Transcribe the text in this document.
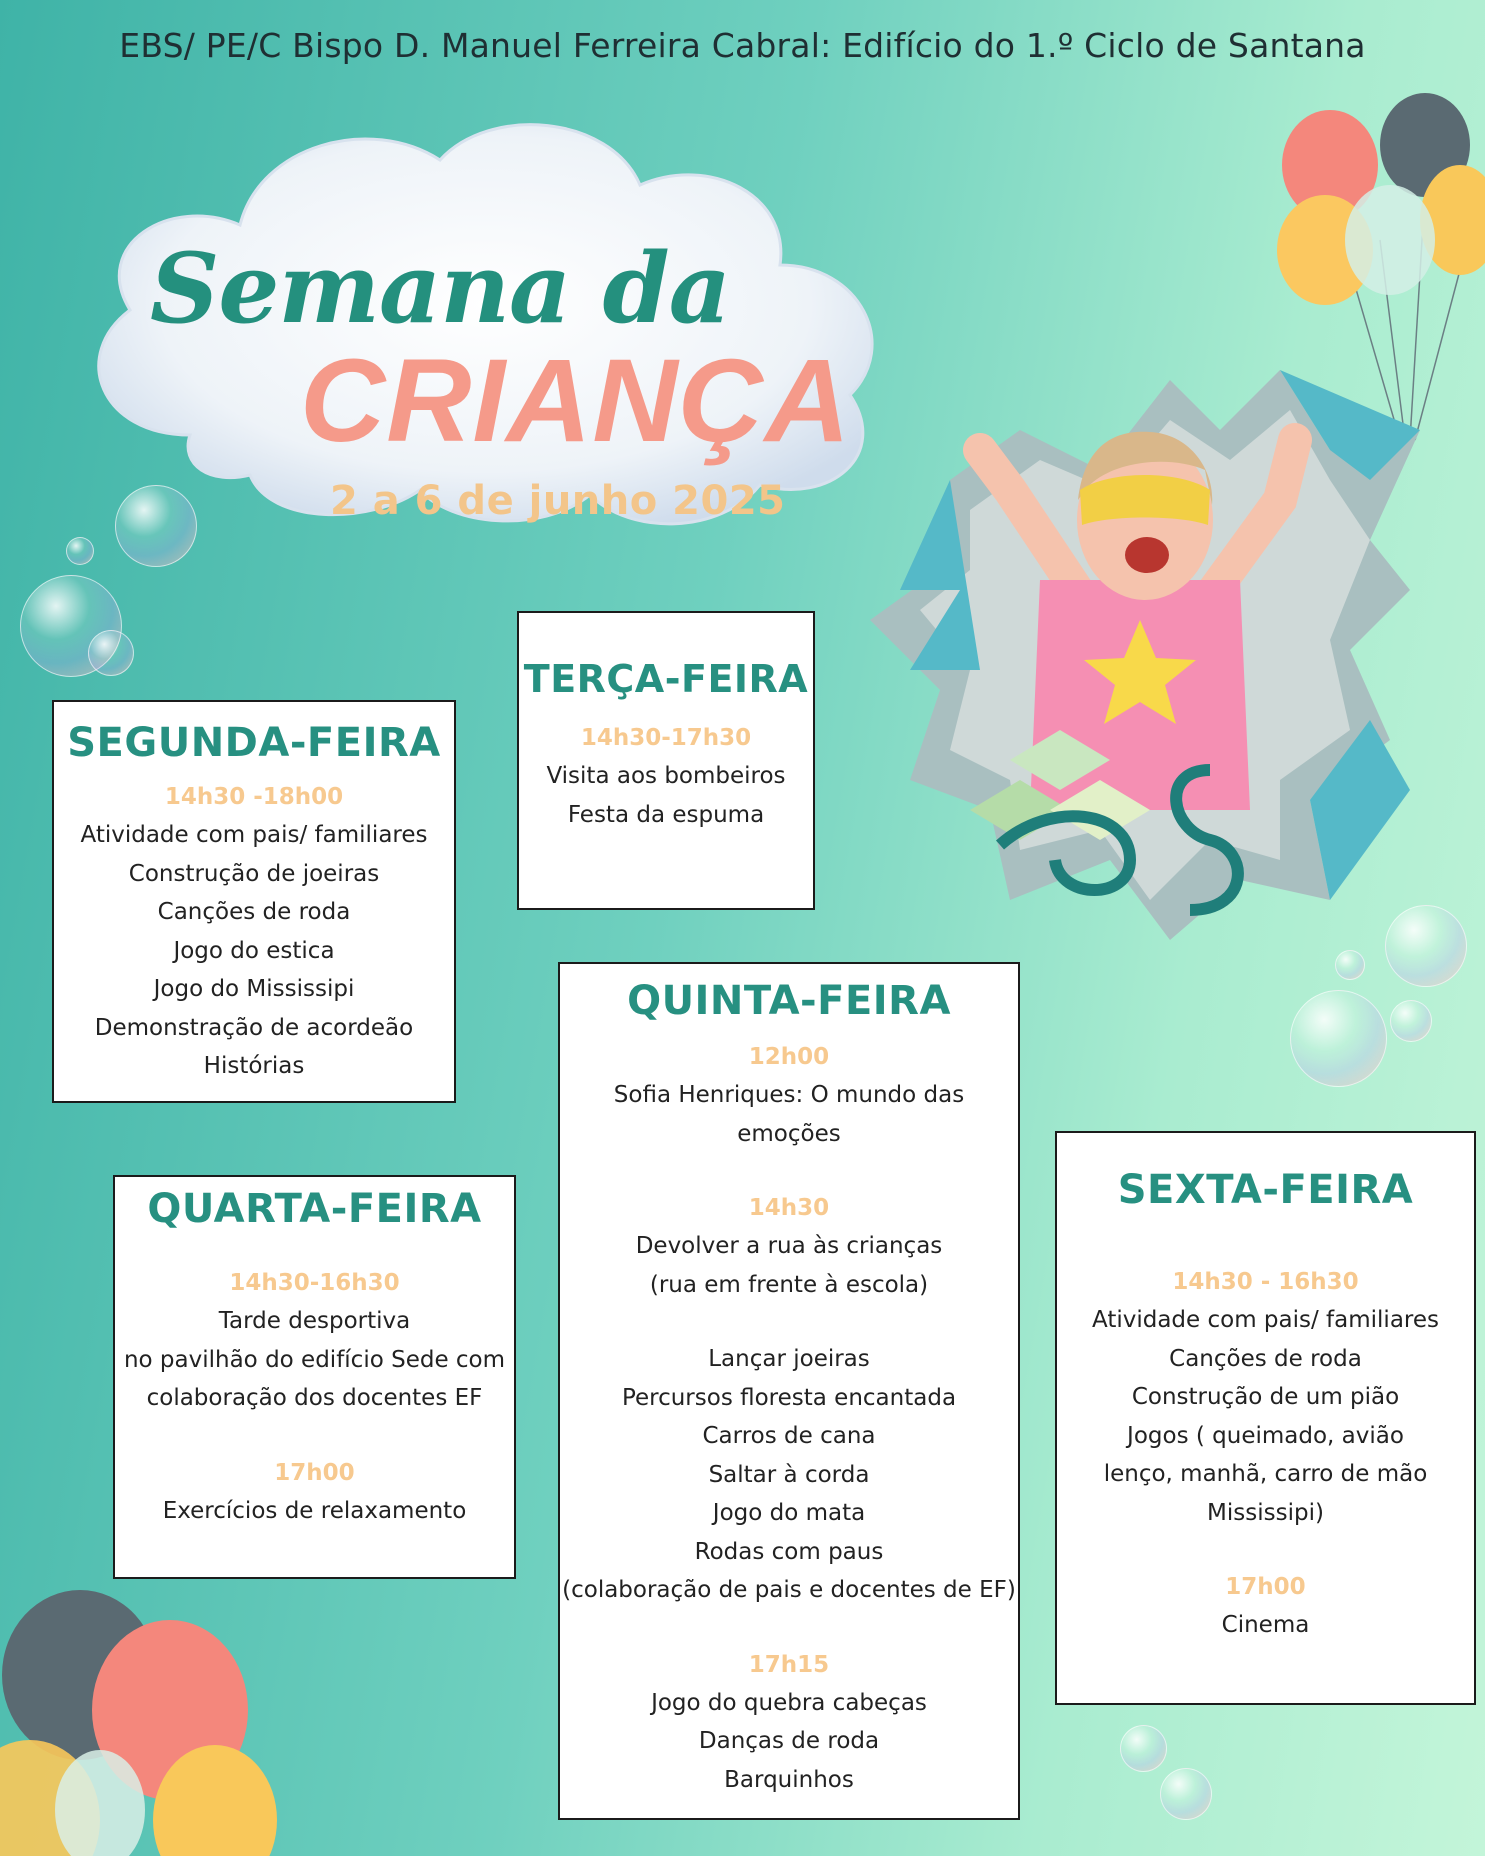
EBS/ PE/C Bispo D. Manuel Ferreira Cabral: Edifício do 1.º Ciclo de Santana
Semana da
CRIANÇA
2 a 6 de junho 2025
SEGUNDA-FEIRA
14h30 -18h00
Atividade com pais/ familiares
Construção de joeiras
Canções de roda
Jogo do estica
Jogo do Mississipi
Demonstração de acordeão
Histórias
TERÇA-FEIRA
14h30-17h30
Visita aos bombeiros
Festa da espuma
QUARTA-FEIRA
14h30-16h30
Tarde desportiva
no pavilhão do edifício Sede com
colaboração dos docentes EF
17h00
Exercícios de relaxamento
QUINTA-FEIRA
12h00
Sofia Henriques: O mundo das
emoções
14h30
Devolver a rua às crianças
(rua em frente à escola)
Lançar joeiras
Percursos floresta encantada
Carros de cana
Saltar à corda
Jogo do mata
Rodas com paus
(colaboração de pais e docentes de EF)
17h15
Jogo do quebra cabeças
Danças de roda
Barquinhos
SEXTA-FEIRA
14h30 - 16h30
Atividade com pais/ familiares
Canções de roda
Construção de um pião
Jogos ( queimado, avião
lenço, manhã, carro de mão
Mississipi)
17h00
Cinema
